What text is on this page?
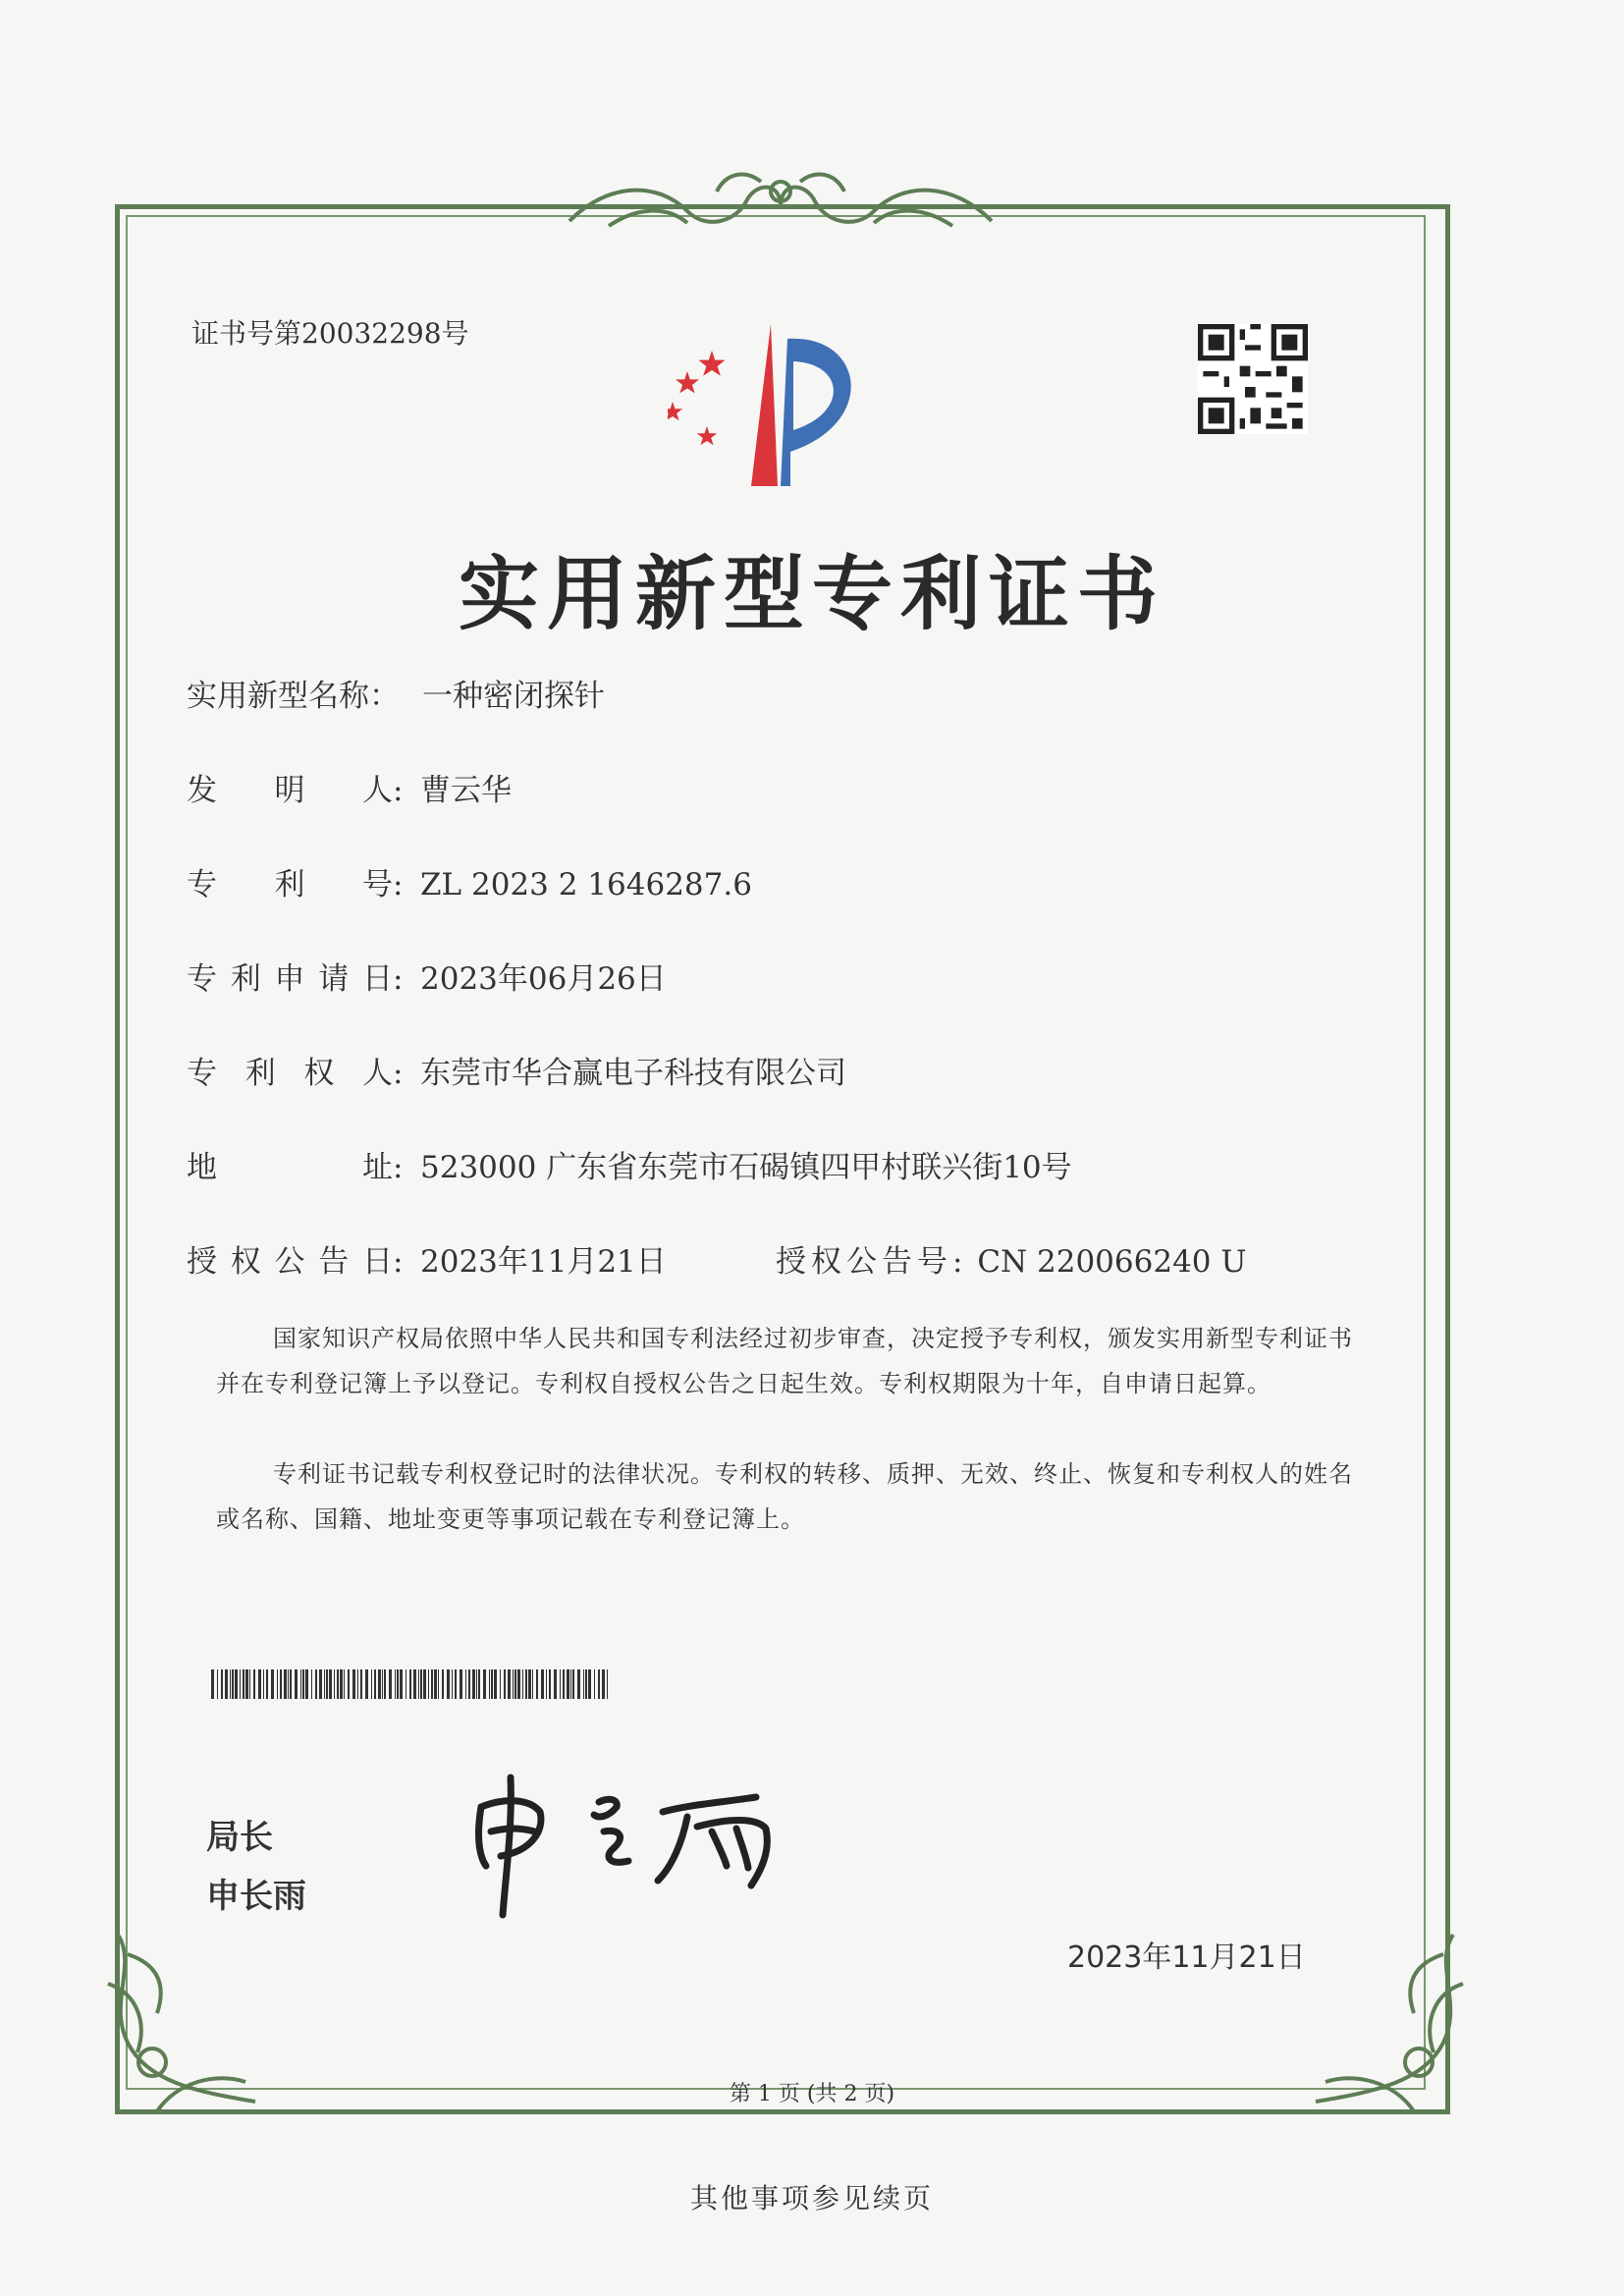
证书号第20032298号
实用新型专利证书
实用新型名称： 一种密闭探针
发 明 人 : 曹云华
专 利 号 : ZL 2023 2 1646287.6
专 利 申 请 日 : 2023年06月26日
专 利 权 人 : 东莞市华合赢电子科技有限公司
地	址 : 523000 广东省东莞市石碣镇四甲村联兴街10号
授 权 公 告 日 : 2023年11月21日	授权公告号: CN 220066240 U
国家知识产权局依照中华人民共和国专利法经过初步审查，决定授予专利权，颁发实用新型专利证书并在专利登记簿上予以登记。专利权自授权公告之日起生效。专利权期限为十年，自申请日起算。
专利证书记载专利权登记时的法律状况。专利权的转移、质押、无效、终止、恢复和专利权人的姓名或名称、国籍、地址变更等事项记载在专利登记簿上。
局长
申长雨
2023年11月21日
第 1 页 (共 2 页)
其他事项参见续页
